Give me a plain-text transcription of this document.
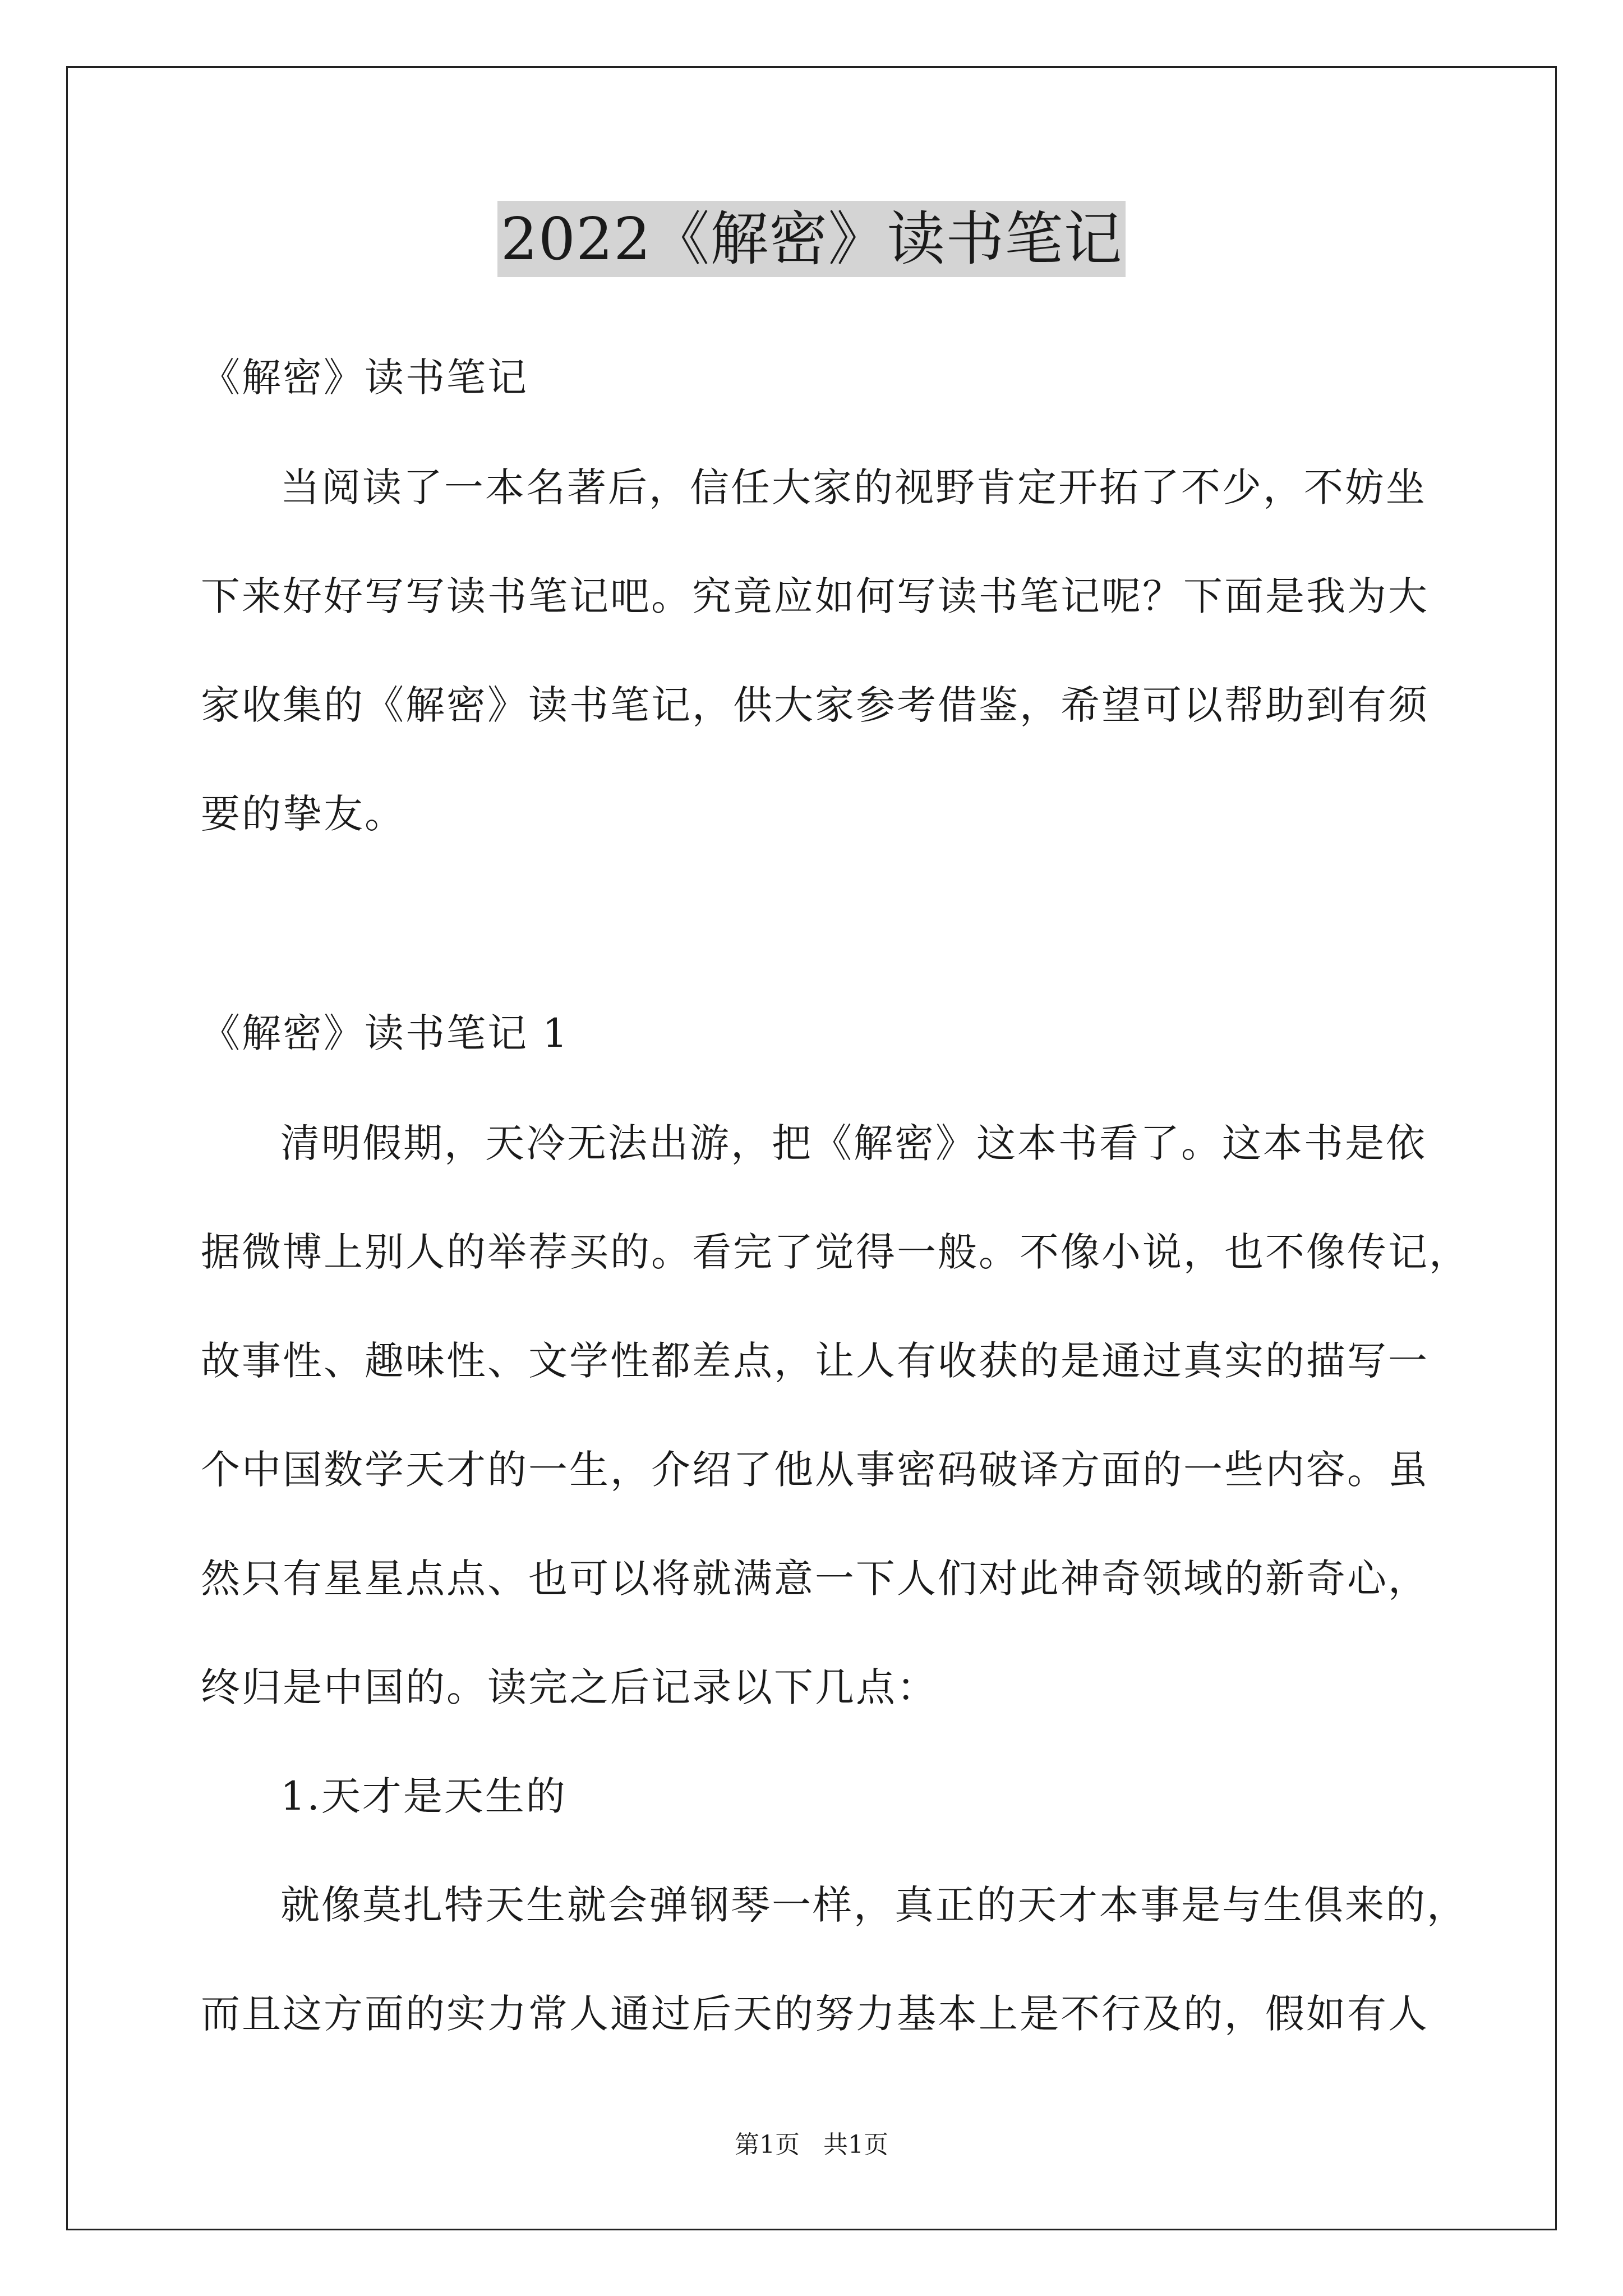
2022《解密》读书笔记
《解密》读书笔记
当阅读了一本名著后，信任大家的视野肯定开拓了不少，不妨坐
下来好好写写读书笔记吧。究竟应如何写读书笔记呢？下面是我为大
家收集的《解密》读书笔记，供大家参考借鉴，希望可以帮助到有须
要的挚友。
《解密》读书笔记 1
清明假期，天冷无法出游，把《解密》这本书看了。这本书是依
据微博上别人的举荐买的。看完了觉得一般。不像小说，也不像传记，
故事性、趣味性、文学性都差点，让人有收获的是通过真实的描写一
个中国数学天才的一生，介绍了他从事密码破译方面的一些内容。虽
然只有星星点点、也可以将就满意一下人们对此神奇领域的新奇心，
终归是中国的。读完之后记录以下几点：
1.天才是天生的
就像莫扎特天生就会弹钢琴一样，真正的天才本事是与生俱来的，
而且这方面的实力常人通过后天的努力基本上是不行及的，假如有人
第1页   共1页
